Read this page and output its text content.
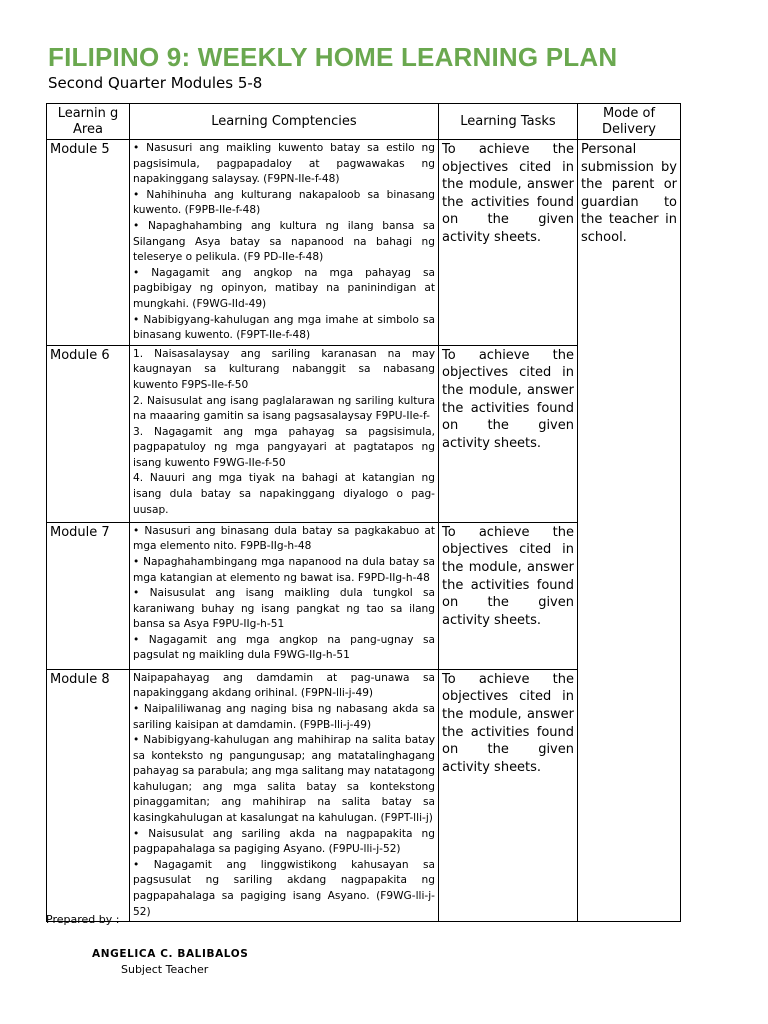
FILIPINO 9: WEEKLY HOME LEARNING PLAN
Second Quarter Modules 5-8
Learnin g Area	Learning Comptencies	Learning Tasks	Mode of Delivery
Module 5	• Nasusuri ang maikling kuwento batay sa estilo ng pagsisimula, pagpapadaloy at pagwawakas ng napakinggang salaysay. (F9PN-IIe-f-48)
• Nahihinuha ang kulturang nakapaloob sa binasang kuwento. (F9PB-IIe-f-48)
• Napaghahambing ang kultura ng ilang bansa sa Silangang Asya batay sa napanood na bahagi ng teleserye o pelikula. (F9 PD-IIe-f-48)
• Nagagamit ang angkop na mga pahayag sa pagbibigay ng opinyon, matibay na paninindigan at mungkahi. (F9WG-IId-49)
• Nabibigyang-kahulugan ang mga imahe at simbolo sa binasang kuwento. (F9PT-IIe-f-48)	To achieve the objectives cited in the module, answer the activities found on the given activity sheets.	Personal submission by the parent or guardian to the teacher in school.
Module 6	1. Naisasalaysay ang sariling karanasan na may kaugnayan sa kulturang nabanggit sa nabasang kuwento F9PS-IIe-f-50
2. Naisusulat ang isang paglalarawan ng sariling kultura na maaaring gamitin sa isang pagsasalaysay F9PU-IIe-f-
3. Nagagamit ang mga pahayag sa pagsisimula, pagpapatuloy ng mga pangyayari at pagtatapos ng isang kuwento F9WG-IIe-f-50
4. Nauuri ang mga tiyak na bahagi at katangian ng isang dula batay sa napakinggang diyalogo o pag-uusap.	To achieve the objectives cited in the module, answer the activities found on the given activity sheets.	
Module 7	• Nasusuri ang binasang dula batay sa pagkakabuo at mga elemento nito. F9PB-IIg-h-48
• Napaghahambingang mga napanood na dula batay sa mga katangian at elemento ng bawat isa. F9PD-IIg-h-48
• Naisusulat ang isang maikling dula tungkol sa karaniwang buhay ng isang pangkat ng tao sa ilang bansa sa Asya F9PU-IIg-h-51
• Nagagamit ang mga angkop na pang-ugnay sa pagsulat ng maikling dula F9WG-IIg-h-51	To achieve the objectives cited in the module, answer the activities found on the given activity sheets.	
Module 8	Naipapahayag ang damdamin at pag-unawa sa napakinggang akdang orihinal. (F9PN-lli-j-49)
• Naipaliliwanag ang naging bisa ng nabasang akda sa sariling kaisipan at damdamin. (F9PB-lli-j-49)
• Nabibigyang-kahulugan ang mahihirap na salita batay sa konteksto ng pangungusap; ang matatalinghagang pahayag sa parabula; ang mga salitang may natatagong kahulugan; ang mga salita batay sa kontekstong pinaggamitan; ang mahihirap na salita batay sa kasingkahulugan at kasalungat na kahulugan. (F9PT-lli-j)
• Naisusulat ang sariling akda na nagpapakita ng pagpapahalaga sa pagiging Asyano. (F9PU-lli-j-52)
• Nagagamit ang linggwistikong kahusayan sa pagsusulat ng sariling akdang nagpapakita ng pagpapahalaga sa pagiging isang Asyano. (F9WG-lli-j-52)	To achieve the objectives cited in the module, answer the activities found on the given activity sheets.	
Prepared by :
ANGELICA C. BALIBALOS
Subject Teacher
